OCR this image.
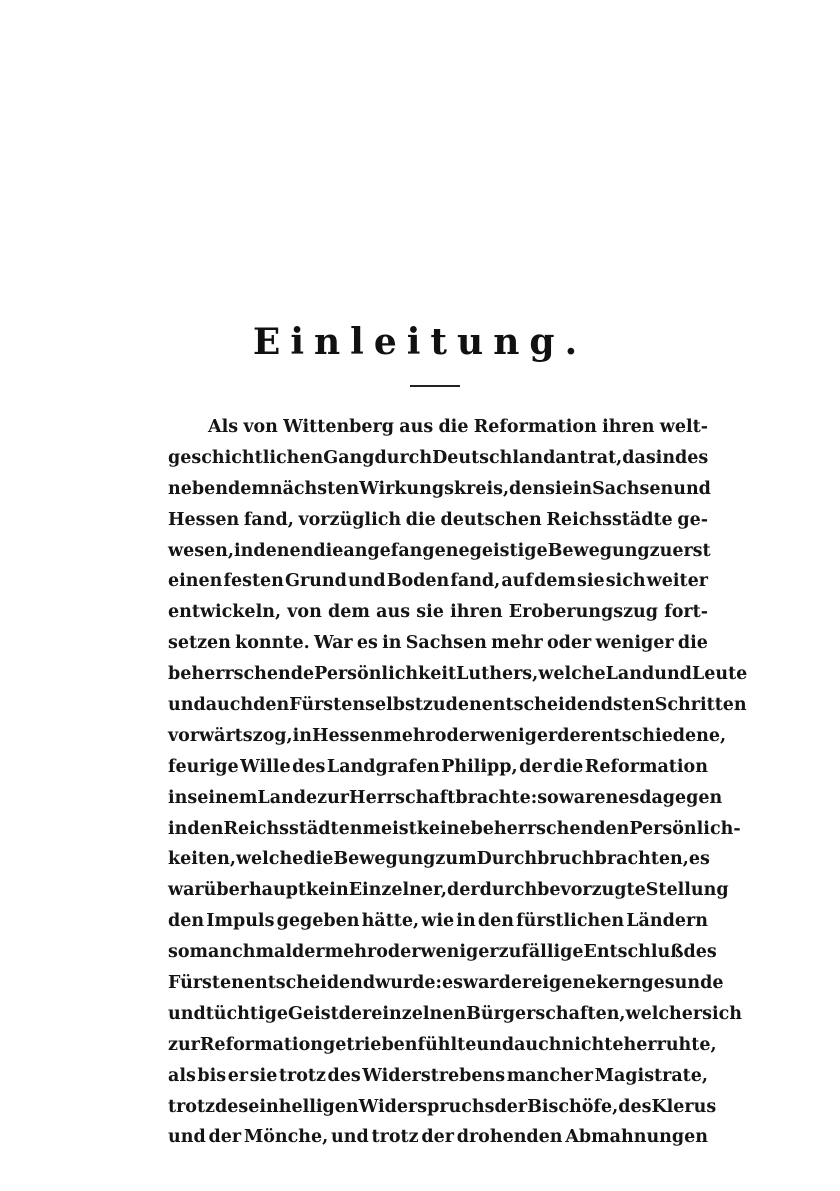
Einleitung.
Als von Wittenberg aus die Reformation ihren welt-
geschichtlichen Gang durch Deutschland antrat, da sind es
neben dem nächsten Wirkungskreis, den sie in Sachsen und
Hessen fand, vorzüglich die deutschen Reichsstädte ge-
wesen, in denen die angefangene geistige Bewegung zuerst
einen festen Grund und Boden fand, auf dem sie sich weiter
entwickeln, von dem aus sie ihren Eroberungszug fort-
setzen konnte. War es in Sachsen mehr oder weniger die
beherrschende Persönlichkeit Luthers, welche Land und Leute
und auch den Fürsten selbst zu den entscheidendsten Schritten
vorwärts zog, in Hessen mehr oder weniger der entschiedene,
feurige Wille des Landgrafen Philipp, der die Reformation
in seinem Lande zur Herrschaft brachte: so waren es dagegen
in den Reichsstädten meist keine beherrschenden Persönlich-
keiten, welche die Bewegung zum Durchbruch brachten, es
war überhaupt kein Einzelner, der durch bevorzugte Stellung
den Impuls gegeben hätte, wie in den fürstlichen Ländern
so manchmal der mehr oder weniger zufällige Entschluß des
Fürsten entscheidend wurde: es war der eigene kerngesunde
und tüchtige Geist der einzelnen Bürgerschaften, welcher sich
zur Reformation getrieben fühlte und auch nicht eher ruhte,
als bis er sie trotz des Widerstrebens mancher Magistrate,
trotz des einhelligen Widerspruchs der Bischöfe, des Klerus
und der Mönche, und trotz der drohenden Abmahnungen
